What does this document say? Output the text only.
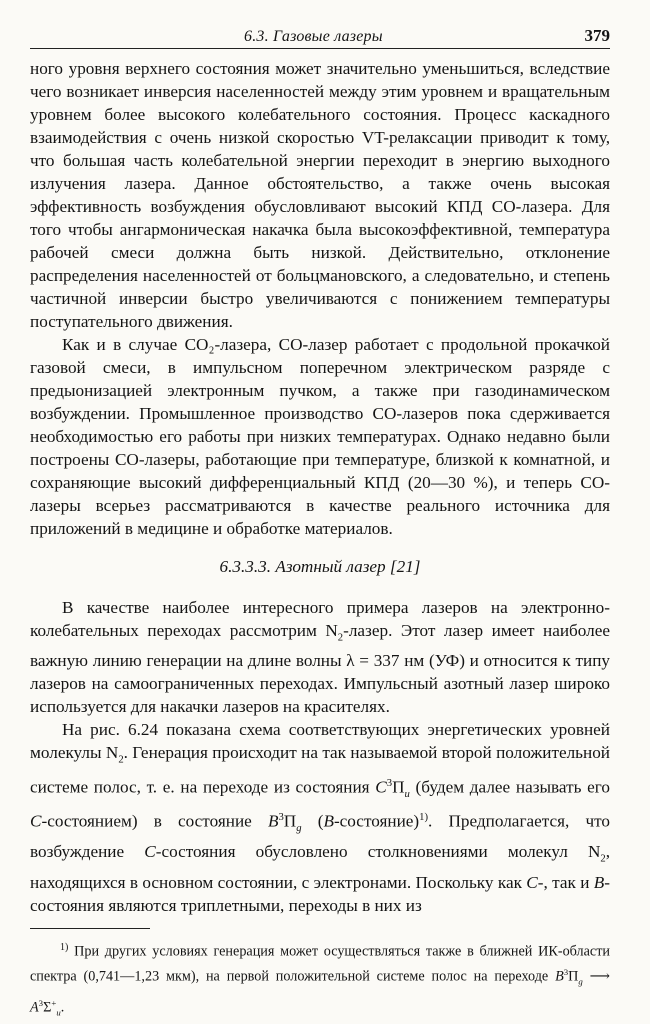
6.3. Газовые лазеры	379

ного уровня верхнего состояния может значительно уменьшиться, вследствие чего возникает инверсия населенностей между этим уровнем и вращательным уровнем более высокого колебательного состояния. Процесс каскадного взаимодействия с очень низкой скоростью VT-релаксации приводит к тому, что большая часть колебательной энергии переходит в энергию выходного излучения лазера. Данное обстоятельство, а также очень высокая эффективность возбуждения обусловливают высокий КПД CO-лазера. Для того чтобы ангармоническая накачка была высокоэффективной, температура рабочей смеси должна быть низкой. Действительно, отклонение распределения населенностей от больцмановского, а следовательно, и степень частичной инверсии быстро увеличиваются с понижением температуры поступательного движения.

Как и в случае CO₂-лазера, CO-лазер работает с продольной прокачкой газовой смеси, в импульсном поперечном электрическом разряде с предыонизацией электронным пучком, а также при газодинамическом возбуждении. Промышленное производство CO-лазеров пока сдерживается необходимостью его работы при низких температурах. Однако недавно были построены CO-лазеры, работающие при температуре, близкой к комнатной, и сохраняющие высокий дифференциальный КПД (20—30 %), и теперь CO-лазеры всерьез рассматриваются в качестве реального источника для приложений в медицине и обработке материалов.

6.3.3.3. Азотный лазер [21]

В качестве наиболее интересного примера лазеров на электронно-колебательных переходах рассмотрим $N_2$-лазер. Этот лазер имеет наиболее важную линию генерации на длине волны λ = 337 нм (УФ) и относится к типу лазеров на самоограниченных переходах. Импульсный азотный лазер широко используется для накачки лазеров на красителях.

На рис. 6.24 показана схема соответствующих энергетических уровней молекулы $N_2$. Генерация происходит на так называемой второй положительной системе полос, т. е. на переходе из состояния $C^3\Pi_u$ (будем далее называть его C-состоянием) в состояние $B^3\Pi_g$ (B-состояние)$^{1)}$. Предполагается, что возбуждение C-состояния обусловлено столкновениями молекул $N_2$, находящихся в основном состоянии, с электронами. Поскольку как C-, так и B-состояния являются триплетными, переходы в них из

$^{1)}$ При других условиях генерация может осуществляться также в ближней ИК-области спектра (0,741—1,23 мкм), на первой положительной системе полос на переходе $B^3\Pi_g$ ⟶ $A^3\Sigma^+_u$.
